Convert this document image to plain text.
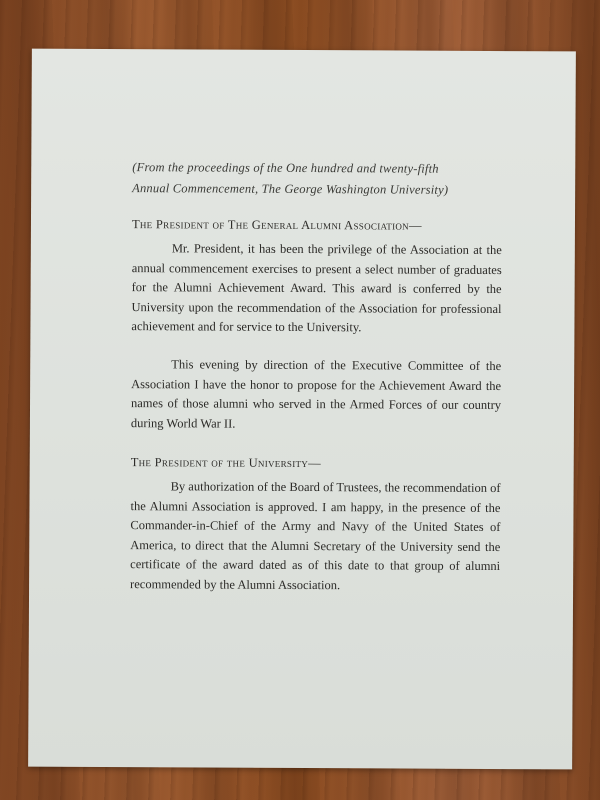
(From the proceedings of the One hundred and twenty-fifth
Annual Commencement, The George Washington University)
The President of The General Alumni Association—

Mr. President, it has been the privilege of the Association at the annual commencement exercises to present a select number of graduates for the Alumni Achievement Award. This award is conferred by the University upon the recommendation of the Association for professional achievement and for service to the University.

This evening by direction of the Executive Committee of the Association I have the honor to propose for the Achievement Award the names of those alumni who served in the Armed Forces of our country during World War II.

The President of the University—

By authorization of the Board of Trustees, the recommendation of the Alumni Association is approved. I am happy, in the presence of the Commander-in-Chief of the Army and Navy of the United States of America, to direct that the Alumni Secretary of the University send the certificate of the award dated as of this date to that group of alumni recommended by the Alumni Association.
